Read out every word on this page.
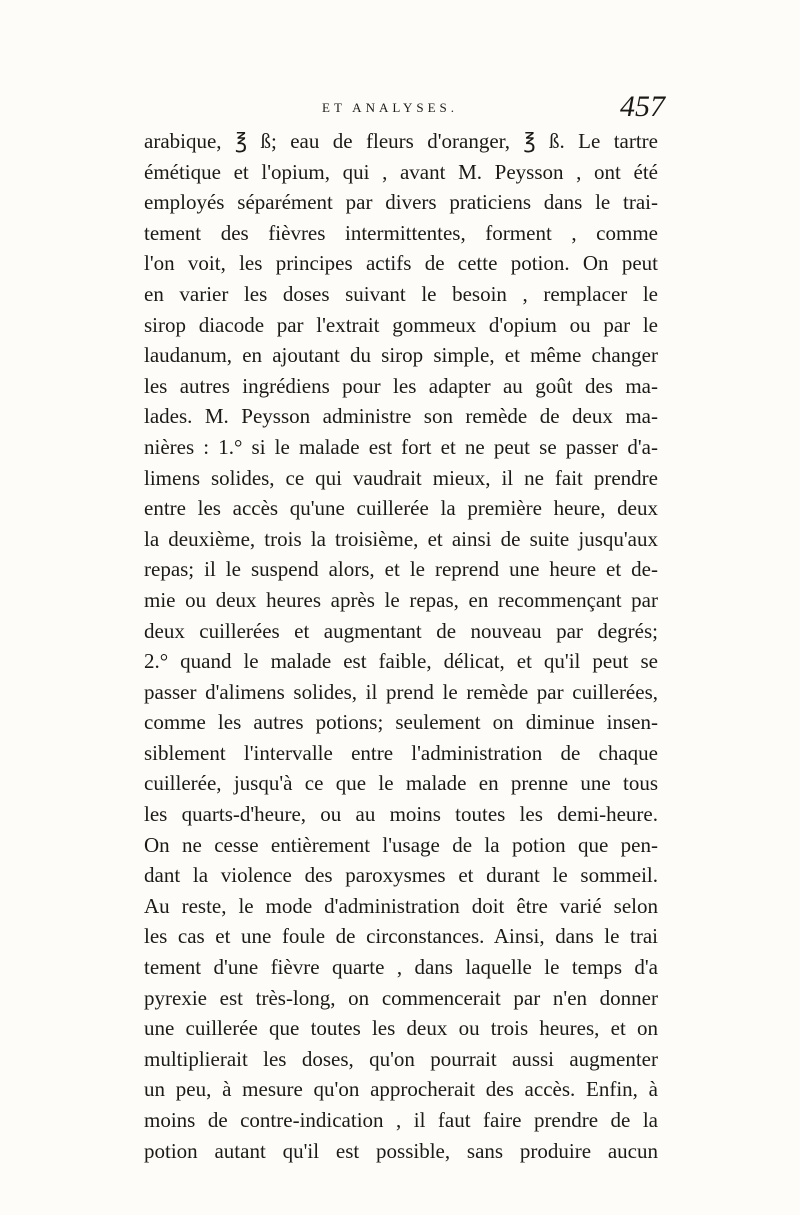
ET ANALYSES.	457
arabique, ℥ ß; eau de fleurs d'oranger, ℥ ß. Le tartre
émétique et l'opium, qui , avant M. Peysson , ont été
employés séparément par divers praticiens dans le trai-
tement des fièvres intermittentes, forment , comme
l'on voit, les principes actifs de cette potion. On peut
en varier les doses suivant le besoin , remplacer le
sirop diacode par l'extrait gommeux d'opium ou par le
laudanum, en ajoutant du sirop simple, et même changer
les autres ingrédiens pour les adapter au goût des ma-
lades. M. Peysson administre son remède de deux ma-
nières : 1.° si le malade est fort et ne peut se passer d'a-
limens solides, ce qui vaudrait mieux, il ne fait prendre
entre les accès qu'une cuillerée la première heure, deux
la deuxième, trois la troisième, et ainsi de suite jusqu'aux
repas; il le suspend alors, et le reprend une heure et de-
mie ou deux heures après le repas, en recommençant par
deux cuillerées et augmentant de nouveau par degrés;
2.° quand le malade est faible, délicat, et qu'il peut se
passer d'alimens solides, il prend le remède par cuillerées,
comme les autres potions; seulement on diminue insen-
siblement l'intervalle entre l'administration de chaque
cuillerée, jusqu'à ce que le malade en prenne une tous
les quarts-d'heure, ou au moins toutes les demi-heure.
On ne cesse entièrement l'usage de la potion que pen-
dant la violence des paroxysmes et durant le sommeil.
Au reste, le mode d'administration doit être varié selon
les cas et une foule de circonstances. Ainsi, dans le trai
tement d'une fièvre quarte , dans laquelle le temps d'a
pyrexie est très-long, on commencerait par n'en donner
une cuillerée que toutes les deux ou trois heures, et on
multiplierait les doses, qu'on pourrait aussi augmenter
un peu, à mesure qu'on approcherait des accès. Enfin, à
moins de contre-indication , il faut faire prendre de la
potion autant qu'il est possible, sans produire aucun
